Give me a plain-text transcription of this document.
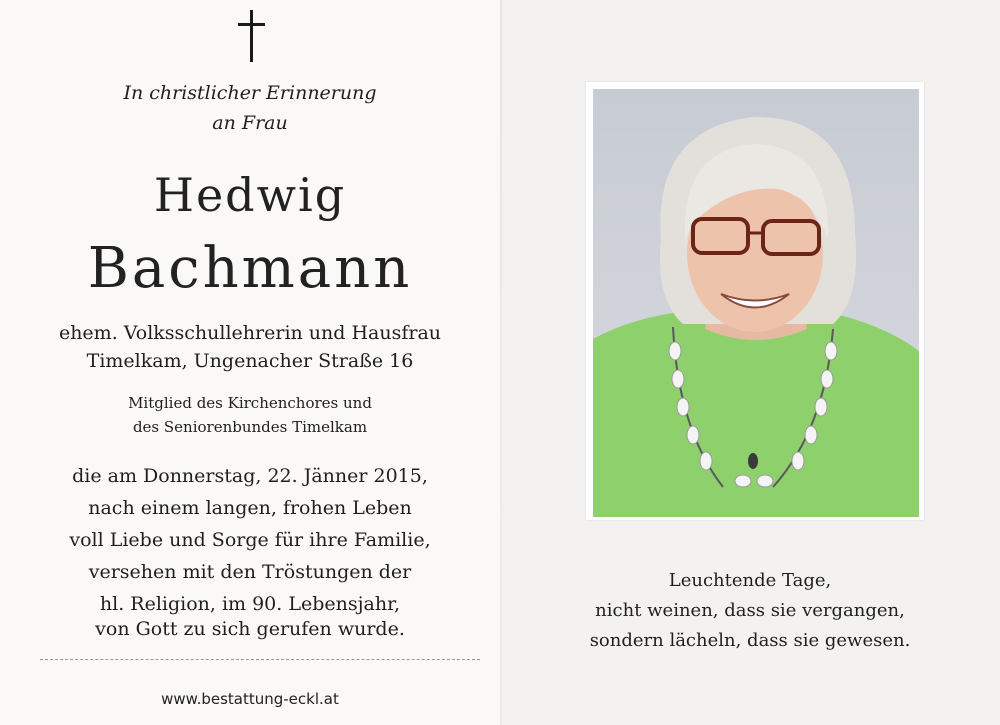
In christlicher Erinnerung
an Frau
Hedwig
Bachmann
ehem. Volksschullehrerin und Hausfrau
Timelkam, Ungenacher Straße 16
Mitglied des Kirchenchores und
des Seniorenbundes Timelkam
die am Donnerstag, 22. Jänner 2015,
nach einem langen, frohen Leben
voll Liebe und Sorge für ihre Familie,
versehen mit den Tröstungen der
hl. Religion, im 90. Lebensjahr,
von Gott zu sich gerufen wurde.
www.bestattung-eckl.at
Leuchtende Tage,
nicht weinen, dass sie vergangen,
sondern lächeln, dass sie gewesen.
